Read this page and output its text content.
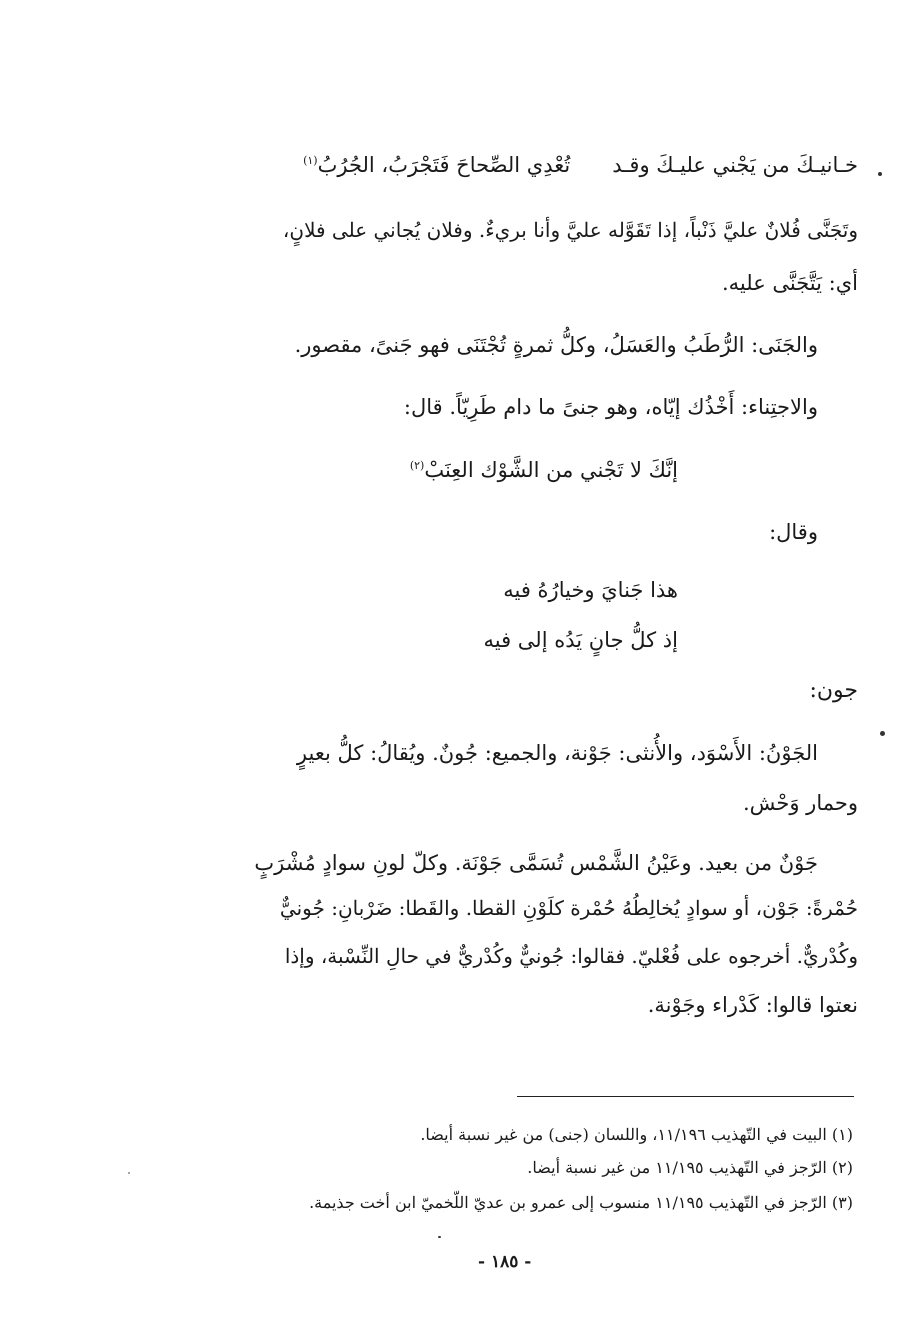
خـانيـكَ من يَجْني عليـكَ وقـدتُعْدِي الصِّحاحَ فَتَجْرَبُ، الجُرُبُ$^{(١)}$
وتَجَنَّى فُلانٌ عليَّ ذَنْباً، إذا تَقَوَّله عليَّ وأنا بريءٌ. وفلان يُجاني على فلانٍ،
أي: يَتَّجَنَّى عليه.
والجَنَى: الرُّطَبُ والعَسَلُ، وكلُّ ثمرةٍ تُجْتَنَى فهو جَنىً، مقصور.
والاجتِناء: أَخْذُك إيّاه، وهو جنىً ما دام طَرِيّاً. قال:
إنَّكَ لا تَجْني من الشَّوْك العِنَبْ$^{(٢)}$
وقال:
هذا جَنايَ وخيارُهُ فيه
إذ كلُّ جانٍ يَدُه إلى فيه
جون:
الجَوْنُ: الأَسْوَد، والأُنثى: جَوْنة، والجميع: جُونٌ. ويُقالُ: كلُّ بعيرٍ
وحمار وَحْش.
جَوْنٌ من بعيد. وعَيْنُ الشَّمْس تُسَمَّى جَوْنَة. وكلّ لونِ سوادٍ مُشْرَبٍ
حُمْرةً: جَوْن، أو سوادٍ يُخالِطُهُ حُمْرة كلَوْنِ القطا. والقَطا: ضَرْبانِ: جُونيٌّ
وكُدْريٌّ. أخرجوه على فُعْليّ. فقالوا: جُونيٌّ وكُدْريٌّ في حالِ النِّسْبة، وإذا
نعتوا قالوا: كَدْراء وجَوْنة.
(١) البيت في التّهذيب ١١/١٩٦، واللسان (جنى) من غير نسبة أيضا.
(٢) الرّجز في التّهذيب ١١/١٩٥ من غير نسبة أيضا.
(٣) الرّجز في التّهذيب ١١/١٩٥ منسوب إلى عمرو بن عديّ اللّخميّ ابن أخت جذيمة.
- ١٨٥ -
